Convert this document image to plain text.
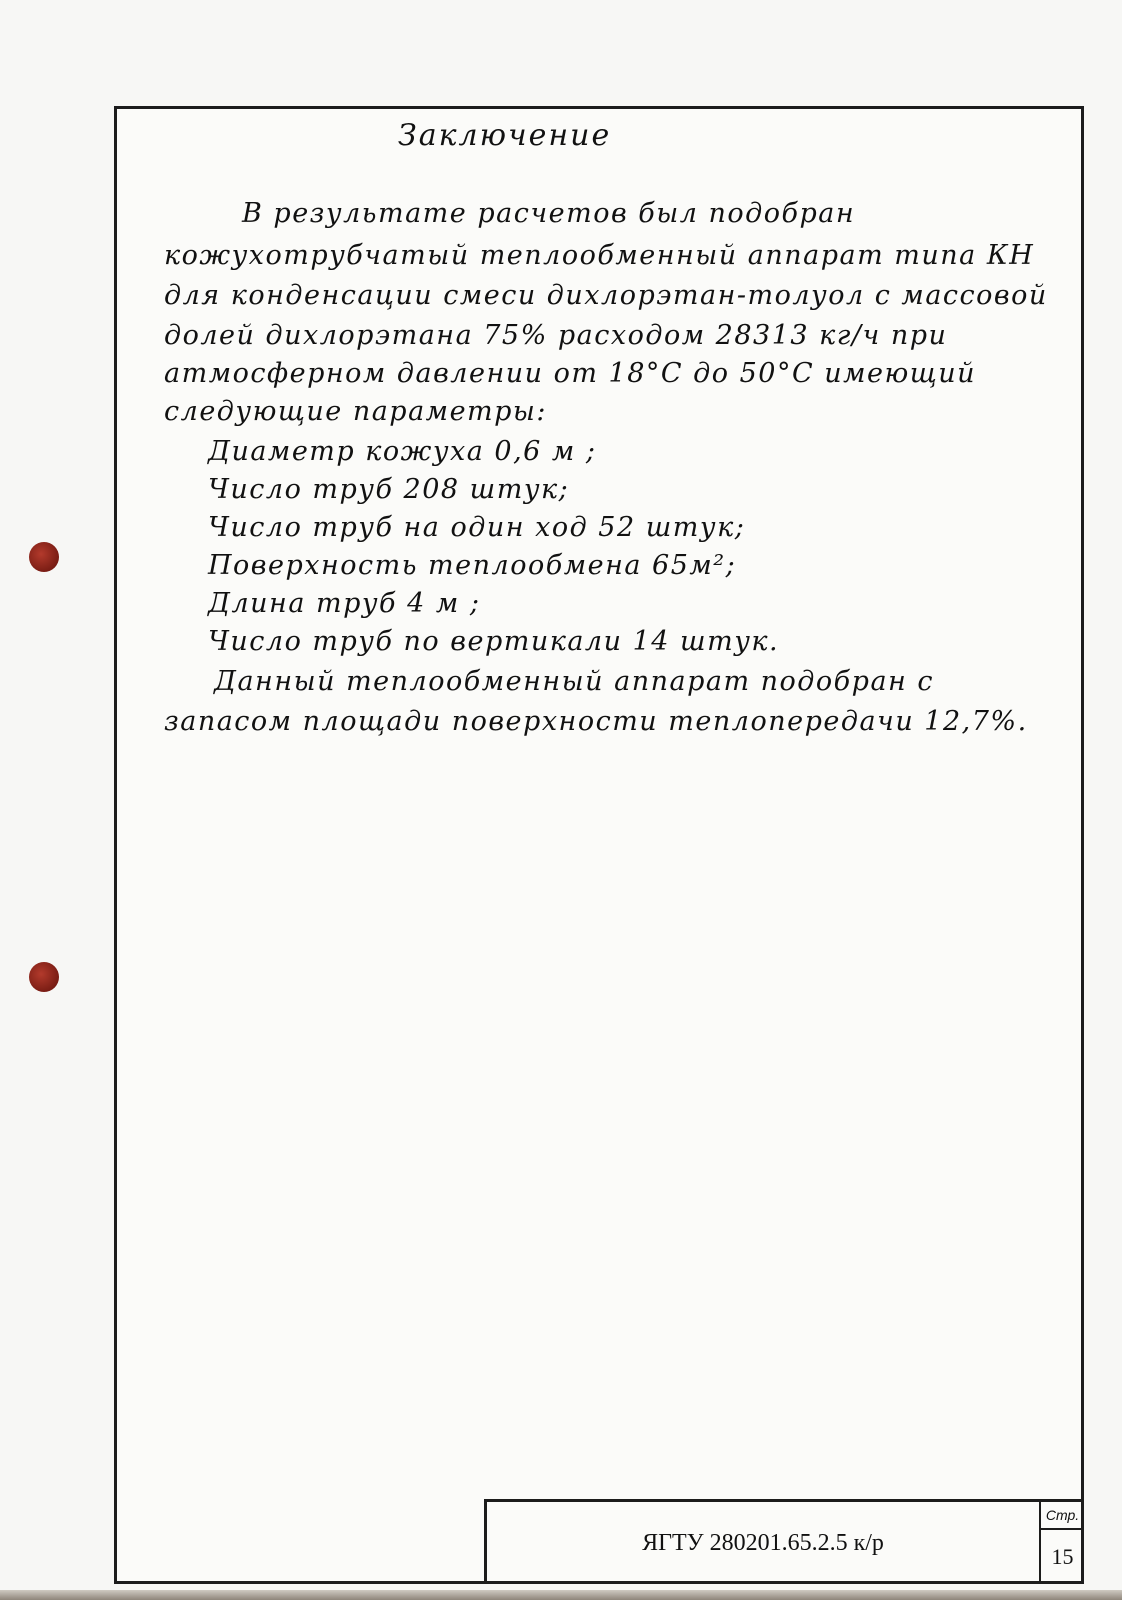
Заключение
В результате расчетов был подобран
кожухотрубчатый теплообменный аппарат типа КН
для конденсации смеси дихлорэтан-толуол с массовой
долей дихлорэтана 75% расходом 28313 кг/ч при
атмосферном давлении от 18°С до 50°С имеющий
следующие параметры:
Диаметр кожуха 0,6 м ;
Число труб 208 штук;
Число труб на один ход 52 штук;
Поверхность теплообмена 65м²;
Длина труб 4 м ;
Число труб по вертикали 14 штук.
Данный теплообменный аппарат подобран с
запасом площади поверхности теплопередачи 12,7%.
ЯГТУ 280201.65.2.5 к/р
Стр.
15
